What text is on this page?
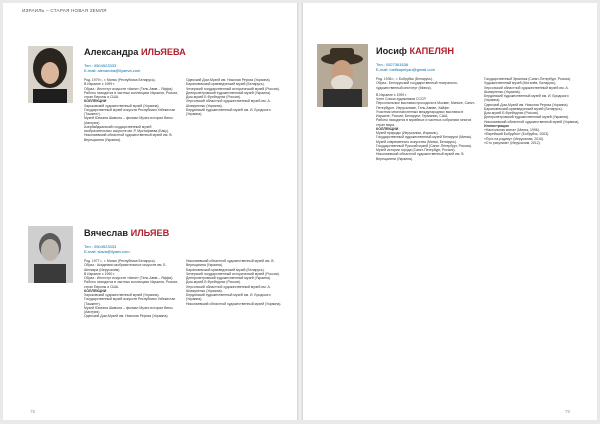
ИЗРАИЛЬ – СТАРАЯ НОВАЯ ЗЕМЛЯ
Александра ИЛЬЯЕВА
Тел.: 0504523333
E-mail: alexandra@ilyaeva.com

Род. 1979 г., г. Минск (Республика Беларусь).

В Израиле с 1999 г.

Образ.: Институт искусств «Авни» (Тель-Авив – Яффа).

Работы находятся в частных коллекциях Израиля, России, стран Европы и США.

КОЛЛЕКЦИИ

Харьковский художественный музей (Украина).

Государственный музей искусств Республики Узбекистан (Ташкент).

Музей Юлиана Шимона – филиал Музея истории Вены (Австрия).

Азербайджанский государственный музей изобразительных искусств им. Р. Мустафаева (Баку).

Николаевский областной художественный музей им. В. Верещагина (Украина).

Одесский Дом-Музей им. Николая Рериха (Украина).

Барановичский краеведческий музей (Беларусь).

Чечерский государственный исторический музей (Россия).

Днепропетровский художественный музей (Украина).

Дом-музей Б.Фрейндлих (Россия).

Херсонский областной художественный музей им. А. Шовкуненко (Украина).

Бердянский художественный музей им. И. Бродского (Украина).

Вячеслав ИЛЬЯЕВ
Тел.: 0504523333
E-mail: slava@ilyaev.com

Род. 1977 г., г. Минск (Республика Беларусь).

Образ.: Академия изобразительных искусств им. Б. Шенкара (Иерусалим).

В Израиле с 1990 г.

Образ.: Институт искусств «Авни» (Тель-Авив – Яффа).

Работы находятся в частных коллекциях Израиля, России, стран Европы и США.

КОЛЛЕКЦИИ

Харьковский художественный музей (Украина).

Государственный музей искусств Республики Узбекистан (Ташкент).

Музей Юлиана Шимона – филиал Музея истории Вены (Австрия).

Одесский Дом-Музей им. Николая Рериха (Украина).

Николаевский областной художественный музей им. В. Верещагина (Украина).

Барановичский краеведческий музей (Беларусь).

Чечерский государственный исторический музей (Россия).

Днепропетровский художественный музей (Украина).

Дом-музей Б.Фрейндлих (Россия).

Херсонский областной художественный музей им. А. Шовкуненко (Украина).

Бердянский художественный музей им. И. Бродского (Украина).

Николаевский областной художественный музей (Украина).

78
Иосиф КАПЕЛЯН
Тел.: 0527381636
E-mail: iosifkapelyan@gmail.com

Род. 1936 г., г. Бобруйск (Беларусь).

Образ.: Белорусский государственный театрально-художественный институт (Минск).

В Израиле с 1999 г.

Член Союза художников СССР.

Персональные выставки проходили в Москве, Минске, Санкт-Петербурге, Иерусалиме, Тель-Авиве, Хайфе.

Участник многочисленных международных выставок в Израиле, России, Беларуси, Германии, США.

Работы находятся в музейных и частных собраниях многих стран мира.

КОЛЛЕКЦИИ

Музей природы (Иерусалим, Израиль).

Государственный художественный музей Беларуси (Минск).

Музей современного искусства (Минск, Беларусь).

Государственный Русский музей (Санкт-Петербург, Россия).

Музей истории города (Санкт-Петербург, Россия).

Николаевский областной художественный музей им. В. Верещагина (Украина).

Государственный Эрмитаж (Санкт-Петербург, Россия).

Художественный музей (Могилёв, Беларусь).

Херсонский областной художественный музей им. А. Шовкуненко (Украина).

Бердянский художественный музей им. И. Бродского (Украина).

Одесский Дом-Музей им. Николая Рериха (Украина).

Барановичский краеведческий музей (Беларусь).

Дом-музей Б.Фрейндлих (Россия).

Днепропетровский художественный музей (Украина).

Николаевский областной художественный музей (Украина).

Иллюстрации

«Настольная книга» (Минск, 1996).

«Еврейский Бобруйск» (Бобруйск, 2003).

«Путь на родину» (Иерусалим, 2010).

«Сто рисунков» (Иерусалим, 2012).

79
